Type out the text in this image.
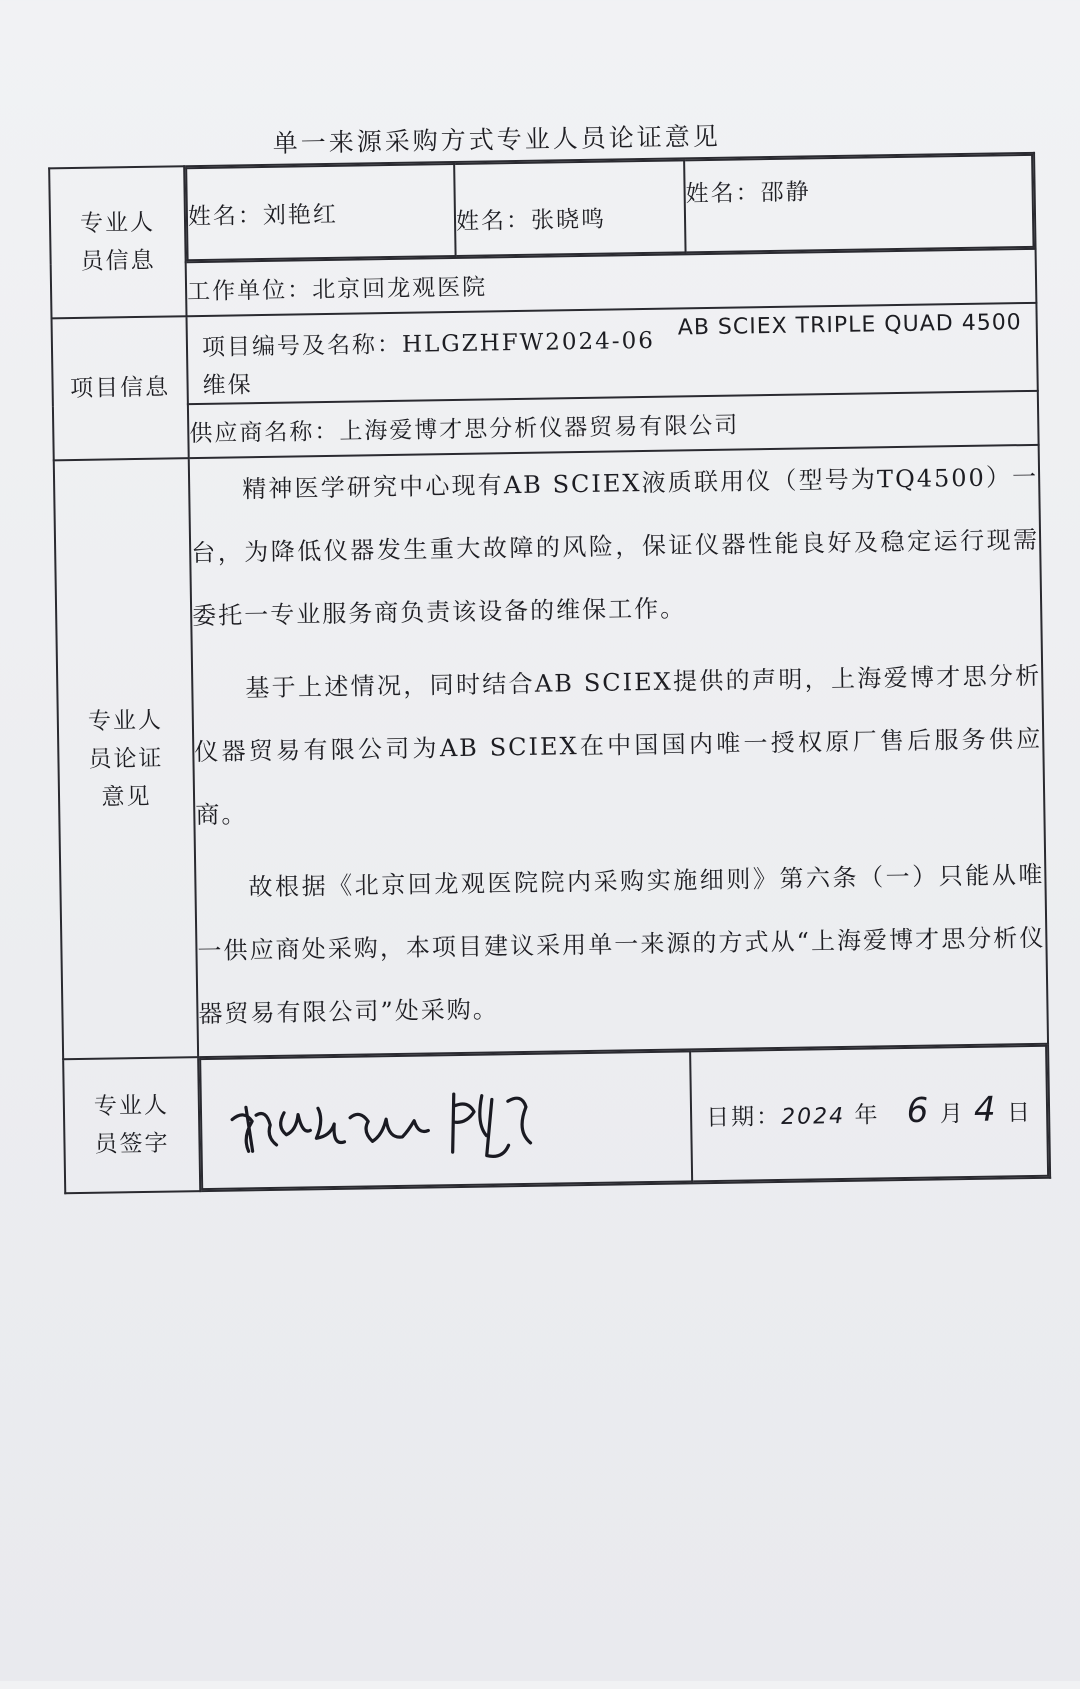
单一来源采购方式专业人员论证意见
专业人员信息

姓名：刘艳红	姓名：张晓鸣	姓名：邵静

工作单位：北京回龙观医院

项目信息

项目编号及名称：HLGZHFW2024-06
AB SCIEX TRIPLE QUAD 4500
维保

供应商名称：上海爱博才思分析仪器贸易有限公司

专业人员论证意见

精神医学研究中心现有AB SCIEX液质联用仪（型号为TQ4500）一台，为降低仪器发生重大故障的风险，保证仪器性能良好及稳定运行现需委托一专业服务商负责该设备的维保工作。

基于上述情况，同时结合AB SCIEX提供的声明，上海爱博才思分析仪器贸易有限公司为AB SCIEX在中国国内唯一授权原厂售后服务供应商。

故根据《北京回龙观医院院内采购实施细则》第六条（一）只能从唯一供应商处采购，本项目建议采用单一来源的方式从“上海爱博才思分析仪器贸易有限公司”处采购。

专业人员签字

日期：2024 年 6 月 4 日
